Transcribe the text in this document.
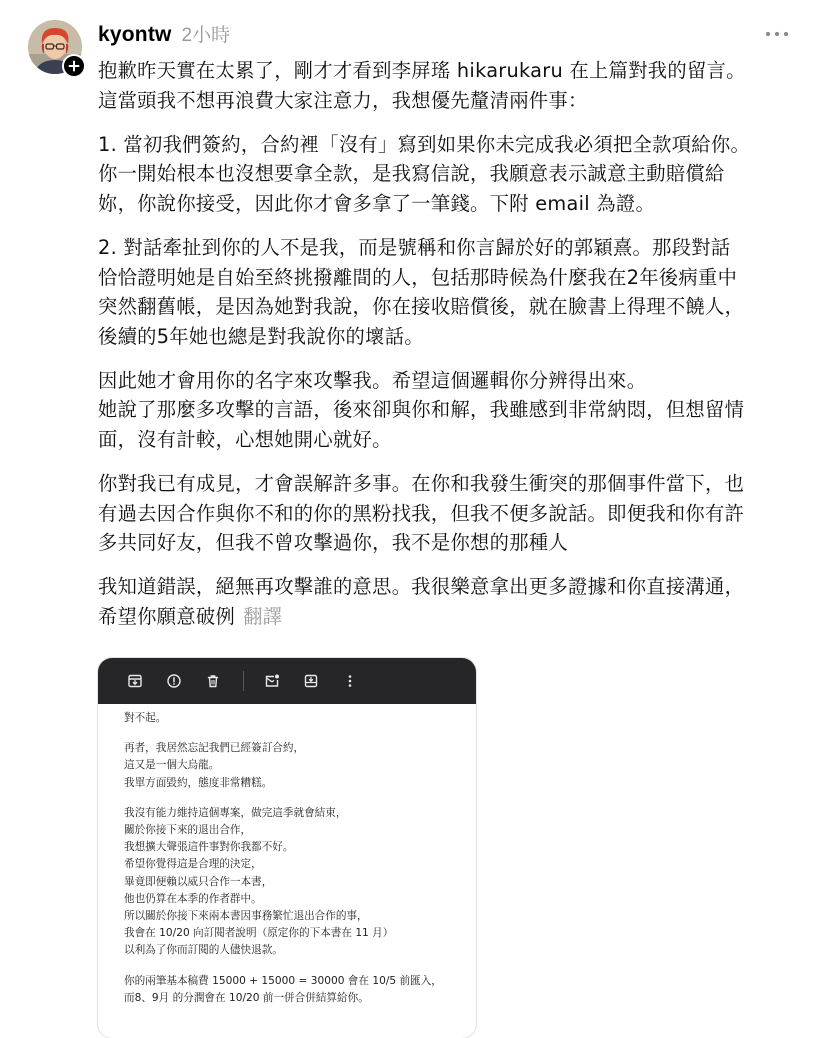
kyontw 2小時

抱歉昨天實在太累了，剛才才看到李屏瑤 hikarukaru 在上篇對我的留言。
這當頭我不想再浪費大家注意力，我想優先釐清兩件事：

1. 當初我們簽約，合約裡「沒有」寫到如果你未完成我必須把全款項給你。
你一開始根本也沒想要拿全款，是我寫信說，我願意表示誠意主動賠償給
妳，你說你接受，因此你才會多拿了一筆錢。下附 email 為證。

2. 對話牽扯到你的人不是我，而是號稱和你言歸於好的郭穎熹。那段對話
恰恰證明她是自始至終挑撥離間的人，包括那時候為什麼我在2年後病重中
突然翻舊帳，是因為她對我說，你在接收賠償後，就在臉書上得理不饒人，
後續的5年她也總是對我說你的壞話。

因此她才會用你的名字來攻擊我。希望這個邏輯你分辨得出來。
她說了那麼多攻擊的言語，後來卻與你和解，我雖感到非常納悶，但想留情
面，沒有計較，心想她開心就好。

你對我已有成見，才會誤解許多事。在你和我發生衝突的那個事件當下，也
有過去因合作與你不和的你的黑粉找我，但我不便多說話。即便我和你有許
多共同好友，但我不曾攻擊過你，我不是你想的那種人

我知道錯誤，絕無再攻擊誰的意思。我很樂意拿出更多證據和你直接溝通，
希望你願意破例 翻譯

對不起。

再者，我居然忘記我們已經簽訂合約，
這又是一個大烏龍。
我單方面毀約，態度非常糟糕。

我沒有能力維持這個專案，做完這季就會結束，
關於你接下來的退出合作，
我想擴大聲張這件事對你我都不好。
希望你覺得這是合理的決定，
畢竟即便賴以威只合作一本書，
他也仍算在本季的作者群中。
所以關於你接下來兩本書因事務繁忙退出合作的事，
我會在 10/20 向訂閱者說明（原定你的下本書在 11 月）
以利為了你而訂閱的人儘快退款。

你的兩筆基本稿費 15000 + 15000 = 30000 會在 10/5 前匯入，
而8、9月 的分潤會在 10/20 前一併合併結算給你。
